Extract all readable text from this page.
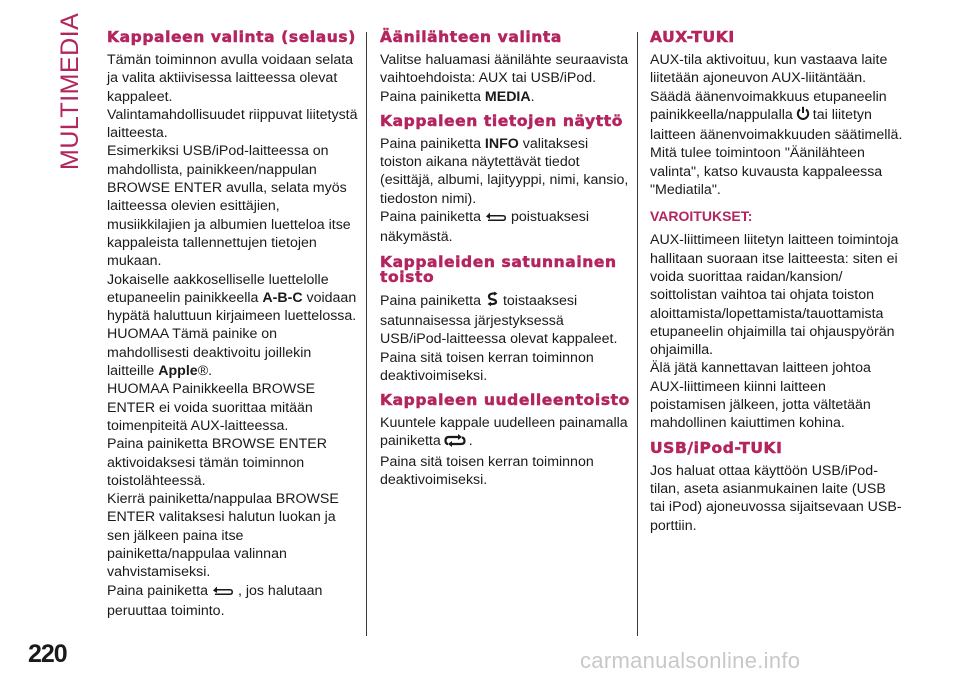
MULTIMEDIA Kappaleen valinta (selaus)

Tämän toiminnon avulla voidaan selata ja valita aktiivisessa laitteessa olevat kappaleet.

Valintamahdollisuudet riippuvat liitetystä laitteesta.

Esimerkiksi USB/iPod-laitteessa on mahdollista, painikkeen/nappulan BROWSE ENTER avulla, selata myös laitteessa olevien esittäjien, musiikkilajien ja albumien luetteloa itse kappaleista tallennettujen tietojen mukaan.

Jokaiselle aakkoselliselle luettelolle etupaneelin painikkeella A-B-C voidaan hypätä haluttuun kirjaimeen luettelossa.

HUOMAA Tämä painike on mahdollisesti deaktivoitu joillekin laitteille Apple®.

HUOMAA Painikkeella BROWSE ENTER ei voida suorittaa mitään toimenpiteitä AUX-laitteessa.

Paina painiketta BROWSE ENTER aktivoidaksesi tämän toiminnon toistolähteessä.

Kierrä painiketta/nappulaa BROWSE ENTER valitaksesi halutun luokan ja sen jälkeen paina itse painiketta/nappulaa valinnan vahvistamiseksi.

Paina painiketta , jos halutaan peruuttaa toiminto.

Äänilähteen valinta

Valitse haluamasi äänilähte seuraavista vaihtoehdoista: AUX tai USB/iPod.

Paina painiketta MEDIA.

Kappaleen tietojen näyttö

Paina painiketta INFO valitaksesi toiston aikana näytettävät tiedot (esittäjä, albumi, lajityyppi, nimi, kansio, tiedoston nimi).

Paina painiketta poistuaksesi näkymästä.

Kappaleiden satunnainen toisto

Paina painiketta toistaaksesi satunnaisessa järjestyksessä USB/iPod-laitteessa olevat kappaleet.

Paina sitä toisen kerran toiminnon deaktivoimiseksi.

Kappaleen uudelleentoisto

Kuuntele kappale uudelleen painamalla painiketta .

Paina sitä toisen kerran toiminnon deaktivoimiseksi.

AUX-TUKI

AUX-tila aktivoituu, kun vastaava laite liitetään ajoneuvon AUX-liitäntään.

Säädä äänenvoimakkuus etupaneelin painikkeella/nappulalla tai liitetyn laitteen äänenvoimakkuuden säätimellä.

Mitä tulee toimintoon "Äänilähteen valinta", katso kuvausta kappaleessa "Mediatila".

VAROITUKSET:

AUX-liittimeen liitetyn laitteen toimintoja hallitaan suoraan itse laitteesta: siten ei voida suorittaa raidan/kansion/ soittolistan vaihtoa tai ohjata toiston aloittamista/lopettamista/tauottamista etupaneelin ohjaimilla tai ohjauspyörän ohjaimilla.

Älä jätä kannettavan laitteen johtoa AUX-liittimeen kiinni laitteen poistamisen jälkeen, jotta vältetään mahdollinen kaiuttimen kohina.

USB/iPod-TUKI

Jos haluat ottaa käyttöön USB/iPod-tilan, aseta asianmukainen laite (USB tai iPod) ajoneuvossa sijaitsevaan USB-porttiin.

220	carmanualsonline.info
